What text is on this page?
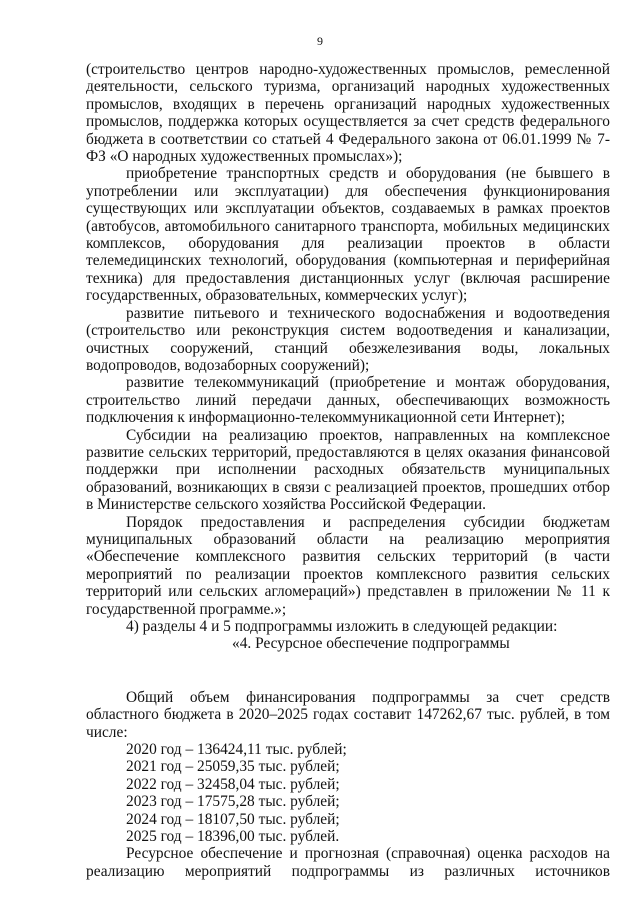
9

(строительство центров народно-художественных промыслов, ремесленной деятельности, сельского туризма, организаций народных художественных промыслов, входящих в перечень организаций народных художественных промыслов, поддержка которых осуществляется за счет средств федерального бюджета в соответствии со статьей 4 Федерального закона от 06.01.1999 № 7-ФЗ «О народных художественных промыслах»);

приобретение транспортных средств и оборудования (не бывшего в употреблении или эксплуатации) для обеспечения функционирования существующих или эксплуатации объектов, создаваемых в рамках проектов (автобусов, автомобильного санитарного транспорта, мобильных медицинских комплексов, оборудования для реализации проектов в области телемедицинских технологий, оборудования (компьютерная и периферийная техника) для предоставления дистанционных услуг (включая расширение государственных, образовательных, коммерческих услуг);

развитие питьевого и технического водоснабжения и водоотведения (строительство или реконструкция систем водоотведения и канализации, очистных сооружений, станций обезжелезивания воды, локальных водопроводов, водозаборных сооружений);

развитие телекоммуникаций (приобретение и монтаж оборудования, строительство линий передачи данных, обеспечивающих возможность подключения к информационно-телекоммуникационной сети Интернет);

Субсидии на реализацию проектов, направленных на комплексное развитие сельских территорий, предоставляются в целях оказания финансовой поддержки при исполнении расходных обязательств муниципальных образований, возникающих в связи с реализацией проектов, прошедших отбор в Министерстве сельского хозяйства Российской Федерации.

Порядок предоставления и распределения субсидии бюджетам муниципальных образований области на реализацию мероприятия «Обеспечение комплексного развития сельских территорий (в части мероприятий по реализации проектов комплексного развития сельских территорий или сельских агломераций») представлен в приложении № 11 к государственной программе.»;

4) разделы 4 и 5 подпрограммы изложить в следующей редакции:

«4. Ресурсное обеспечение подпрограммы

Общий объем финансирования подпрограммы за счет средств областного бюджета в 2020–2025 годах составит 147262,67 тыс. рублей, в том числе:

2020 год – 136424,11 тыс. рублей;

2021 год – 25059,35 тыс. рублей;

2022 год – 32458,04 тыс. рублей;

2023 год – 17575,28 тыс. рублей;

2024 год – 18107,50 тыс. рублей;

2025 год – 18396,00 тыс. рублей.

Ресурсное обеспечение и прогнозная (справочная) оценка расходов на реализацию мероприятий подпрограммы из различных источников
